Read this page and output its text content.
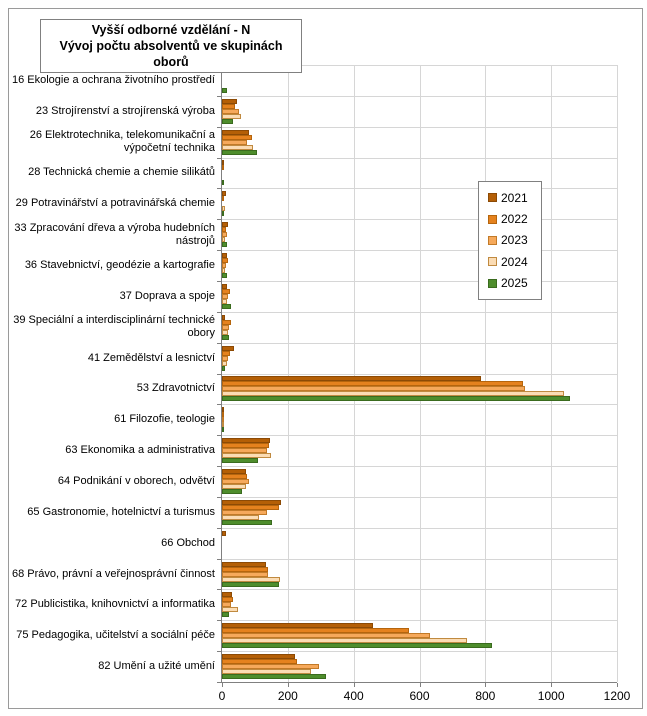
Vyšší odborné vzdělání - N
Vývoj počtu absolventů ve skupinách oborů
2021
2022
2023
2024
2025
0	200	400	600	800	1000	1200
16 Ekologie a ochrana životního prostředí
23 Strojírenství a strojírenská výroba
26 Elektrotechnika, telekomunikační a výpočetní technika
28 Technická chemie a chemie silikátů
29 Potravinářství a potravinářská chemie
33 Zpracování dřeva a výroba hudebních nástrojů
36 Stavebnictví, geodézie a kartografie
37 Doprava a spoje
39 Speciální a interdisciplinární technické obory
41 Zemědělství a lesnictví
53 Zdravotnictví
61 Filozofie, teologie
63 Ekonomika a administrativa
64 Podnikání v oborech, odvětví
65 Gastronomie, hotelnictví a turismus
66 Obchod
68 Právo, právní a veřejnosprávní činnost
72 Publicistika, knihovnictví a informatika
75 Pedagogika, učitelství a sociální péče
82 Umění a užité umění
